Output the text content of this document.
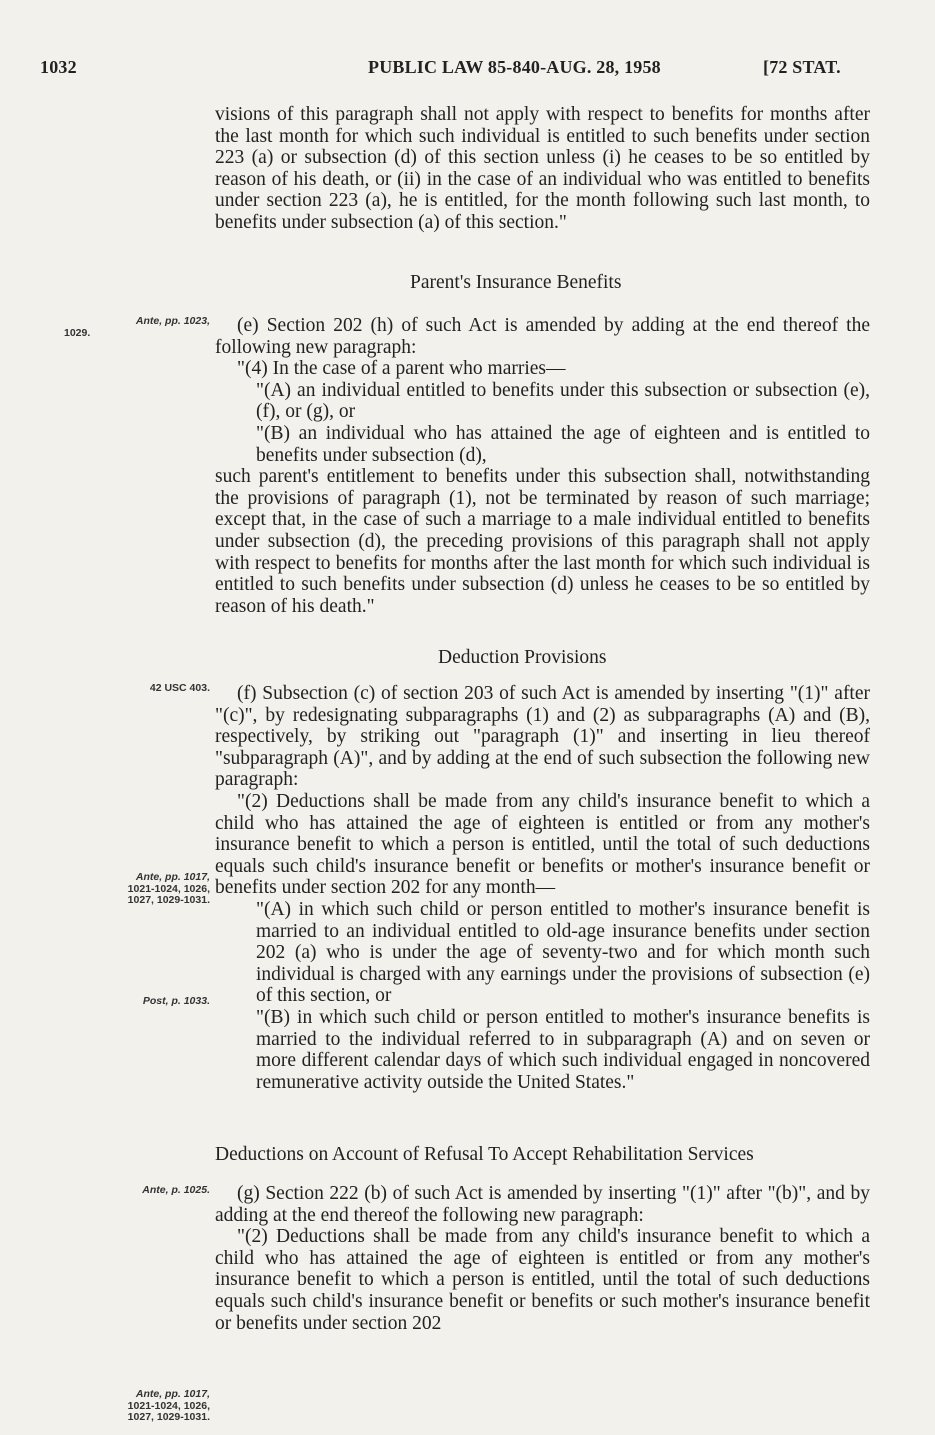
1032	PUBLIC LAW 85-840-AUG. 28, 1958	[72 STAT.

visions of this paragraph shall not apply with respect to benefits for months after the last month for which such individual is entitled to such benefits under section 223 (a) or subsection (d) of this section unless (i) he ceases to be so entitled by reason of his death, or (ii) in the case of an individual who was entitled to benefits under section 223 (a), he is entitled, for the month following such last month, to benefits under subsection (a) of this section."

Parent's Insurance Benefits
Ante, pp. 1023,
1029.	(e) Section 202 (h) of such Act is amended by adding at the end thereof the following new paragraph:

"(4) In the case of a parent who marries—

"(A) an individual entitled to benefits under this subsection or subsection (e), (f), or (g), or

"(B) an individual who has attained the age of eighteen and is entitled to benefits under subsection (d),

such parent's entitlement to benefits under this subsection shall, notwithstanding the provisions of paragraph (1), not be terminated by reason of such marriage; except that, in the case of such a marriage to a male individual entitled to benefits under subsection (d), the preceding provisions of this paragraph shall not apply with respect to benefits for months after the last month for which such individual is entitled to such benefits under subsection (d) unless he ceases to be so entitled by reason of his death."

Deduction Provisions
42 USC 403.
Ante, pp. 1017,
1021-1024, 1026,
1027, 1029-1031.
Post, p. 1033.

(f) Subsection (c) of section 203 of such Act is amended by inserting "(1)" after "(c)", by redesignating subparagraphs (1) and (2) as subparagraphs (A) and (B), respectively, by striking out "paragraph (1)" and inserting in lieu thereof "subparagraph (A)", and by adding at the end of such subsection the following new paragraph:

"(2) Deductions shall be made from any child's insurance benefit to which a child who has attained the age of eighteen is entitled or from any mother's insurance benefit to which a person is entitled, until the total of such deductions equals such child's insurance benefit or benefits or mother's insurance benefit or benefits under section 202 for any month—

"(A) in which such child or person entitled to mother's insurance benefit is married to an individual entitled to old-age insurance benefits under section 202 (a) who is under the age of seventy-two and for which month such individual is charged with any earnings under the provisions of subsection (e) of this section, or

"(B) in which such child or person entitled to mother's insurance benefits is married to the individual referred to in subparagraph (A) and on seven or more different calendar days of which such individual engaged in noncovered remunerative activity outside the United States."

Deductions on Account of Refusal To Accept Rehabilitation Services
Ante, p. 1025.
Ante, pp. 1017,
1021-1024, 1026,
1027, 1029-1031.

(g) Section 222 (b) of such Act is amended by inserting "(1)" after "(b)", and by adding at the end thereof the following new paragraph:

"(2) Deductions shall be made from any child's insurance benefit to which a child who has attained the age of eighteen is entitled or from any mother's insurance benefit to which a person is entitled, until the total of such deductions equals such child's insurance benefit or benefits or such mother's insurance benefit or benefits under section 202
